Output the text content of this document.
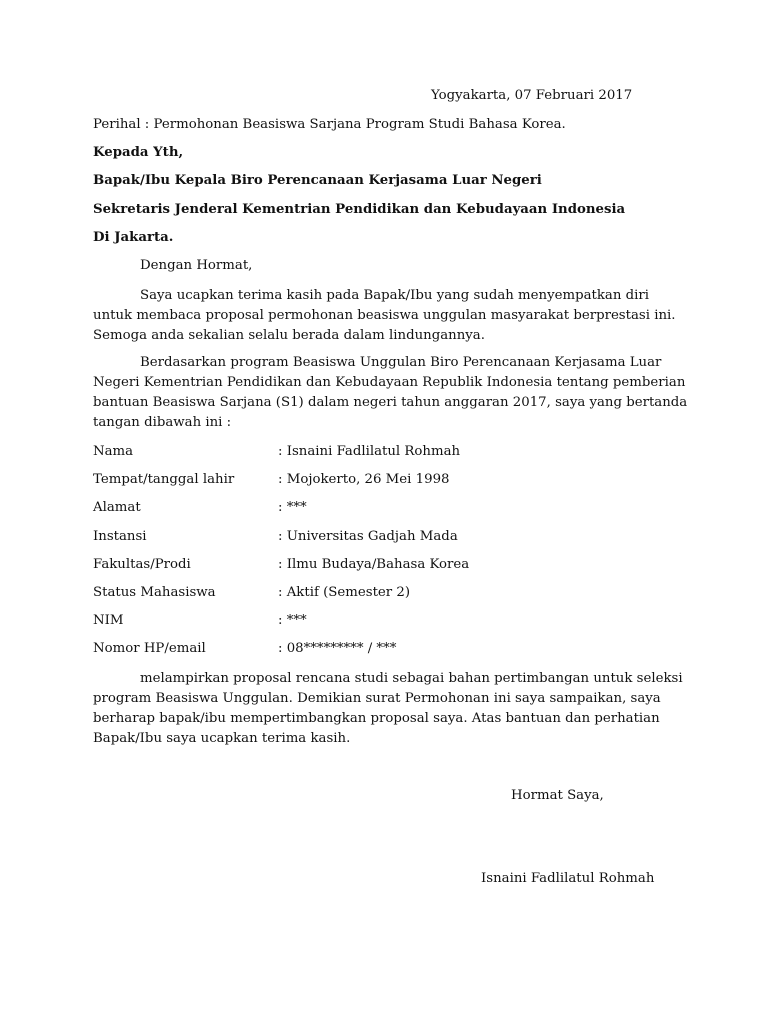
Yogyakarta, 07 Februari 2017
Perihal : Permohonan Beasiswa Sarjana Program Studi Bahasa Korea.
Kepada Yth,
Bapak/Ibu Kepala Biro Perencanaan Kerjasama Luar Negeri
Sekretaris Jenderal Kementrian Pendidikan dan Kebudayaan Indonesia
Di Jakarta.
Dengan Hormat,
Saya ucapkan terima kasih pada Bapak/Ibu yang sudah menyempatkan diri
untuk membaca proposal permohonan beasiswa unggulan masyarakat berprestasi ini.
Semoga anda sekalian selalu berada dalam lindungannya.
Berdasarkan program Beasiswa Unggulan Biro Perencanaan Kerjasama Luar
Negeri Kementrian Pendidikan dan Kebudayaan Republik Indonesia tentang pemberian
bantuan Beasiswa Sarjana (S1) dalam negeri tahun anggaran 2017, saya yang bertanda
tangan dibawah ini :
Nama	: Isnaini Fadlilatul Rohmah
Tempat/tanggal lahir	: Mojokerto, 26 Mei 1998
Alamat	: ***
Instansi	: Universitas Gadjah Mada
Fakultas/Prodi	: Ilmu Budaya/Bahasa Korea
Status Mahasiswa	: Aktif (Semester 2)
NIM	: ***
Nomor HP/email	: 08********* / ***
melampirkan proposal rencana studi sebagai bahan pertimbangan untuk seleksi
program Beasiswa Unggulan. Demikian surat Permohonan ini saya sampaikan, saya
berharap bapak/ibu mempertimbangkan proposal saya. Atas bantuan dan perhatian
Bapak/Ibu saya ucapkan terima kasih.
Hormat Saya,
Isnaini Fadlilatul Rohmah
